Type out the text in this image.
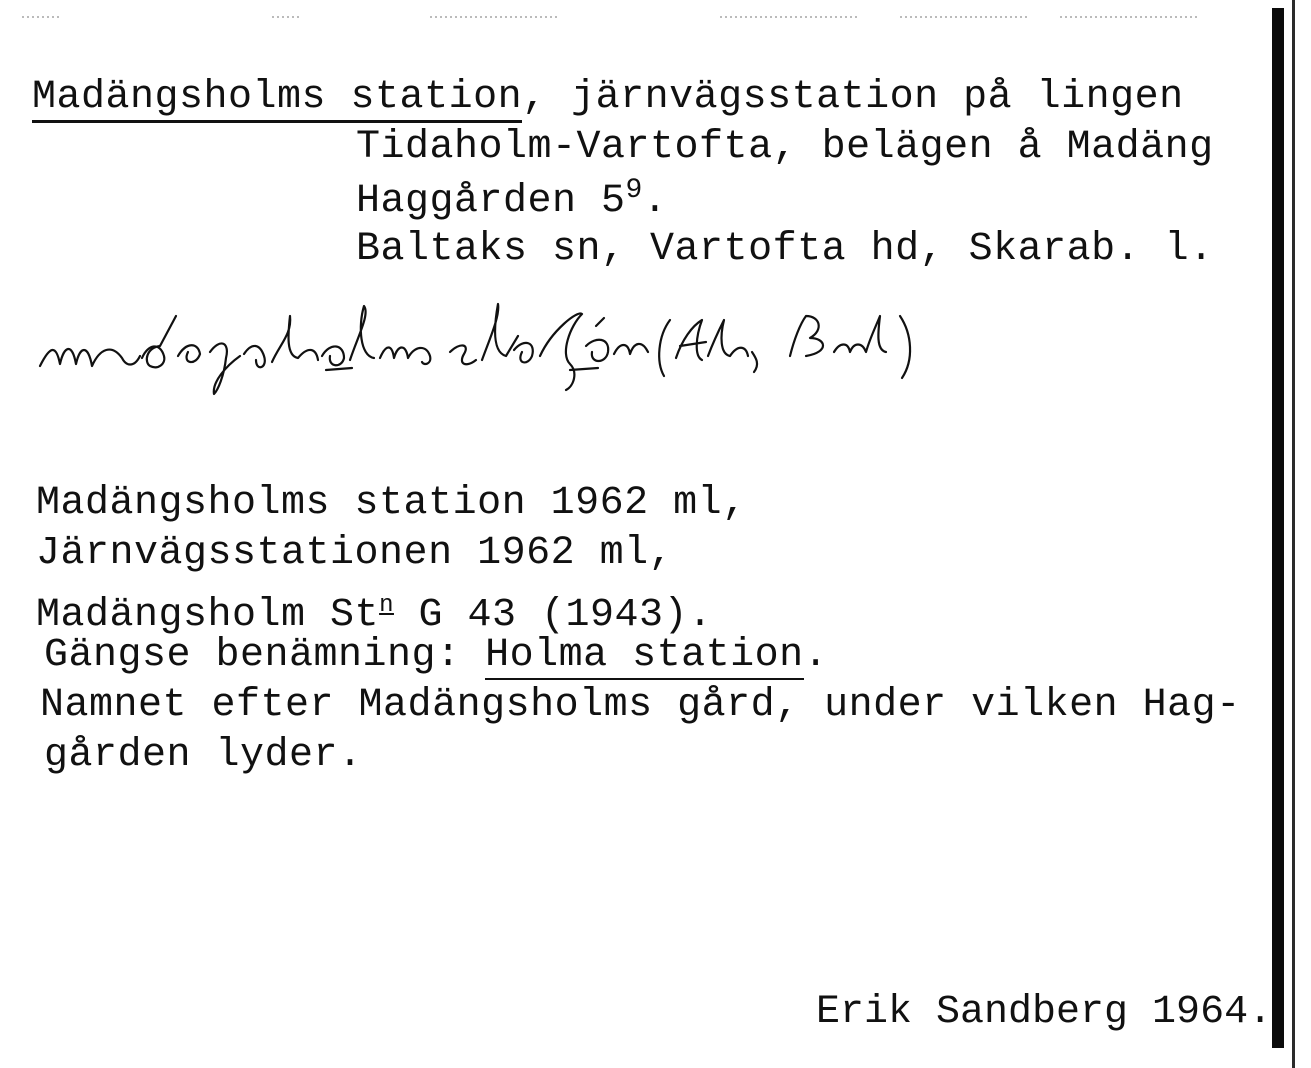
Madängsholms station, järnvägsstation på lingen
Tidaholm-Vartofta, belägen å Madäng
Haggården $5^9$.
Baltaks sn, Vartofta hd, Skarab. l.
Madängsholms station 1962 ml,
Järnvägsstationen 1962 ml,
Madängsholm St$^n$ G 43 (1943).
Gängse benämning: Holma station.
Namnet efter Madängsholms gård, under vilken Hag-
gården lyder.
Erik Sandberg 1964.
